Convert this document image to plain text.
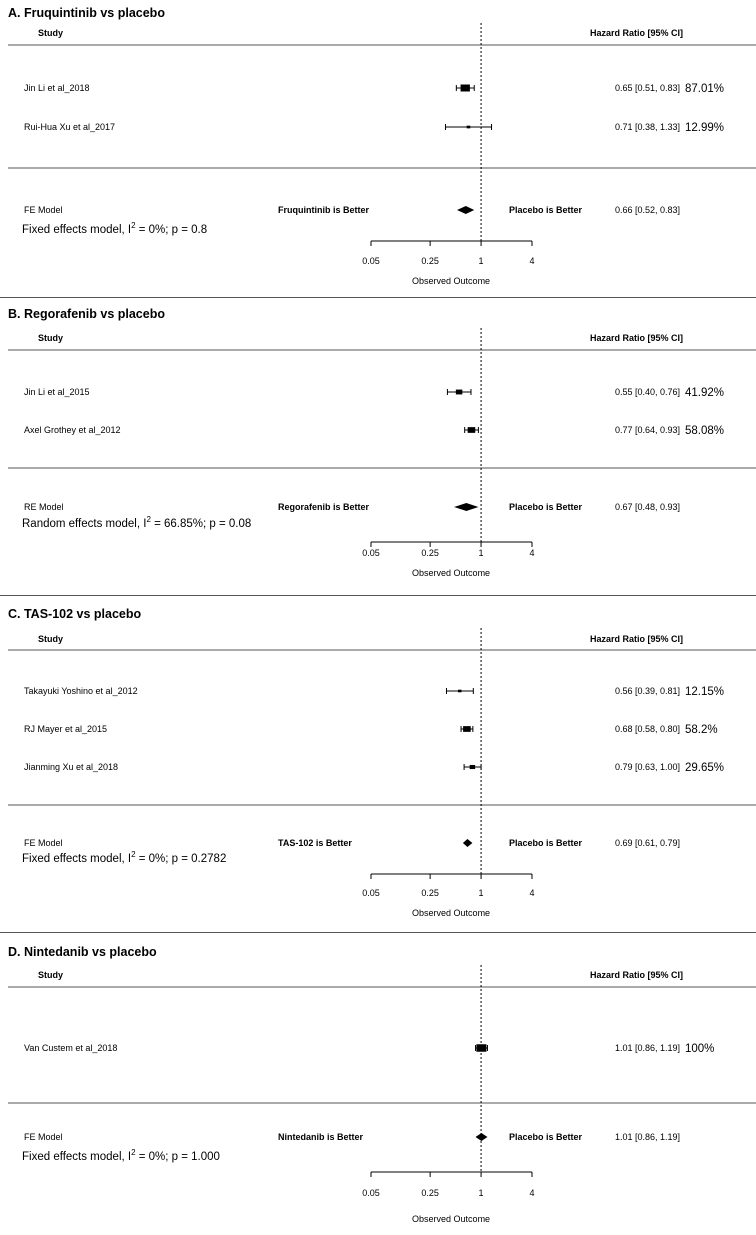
A. Fruquintinib vs placebo
Study	Hazard Ratio [95% CI]
Jin Li et al_2018	0.65 [0.51, 0.83] 87.01%
Rui-Hua Xu et al_2017	0.71 [0.38, 1.33] 12.99%
FE Model	Fruquintinib is Better	Placebo is Better	0.66 [0.52, 0.83]
Fixed effects model, $I^2 = 0\%$; p = 0.8
0.05	0.25	1	4
Observed Outcome
B. Regorafenib vs placebo
Study	Hazard Ratio [95% CI]
Jin Li et al_2015	0.55 [0.40, 0.76] 41.92%
Axel Grothey et al_2012	0.77 [0.64, 0.93] 58.08%
RE Model	Regorafenib is Better	Placebo is Better	0.67 [0.48, 0.93]
Random effects model, $I^2 = 66.85\%$; p = 0.08
0.05	0.25	1	4
Observed Outcome
C. TAS-102 vs placebo
Study	Hazard Ratio [95% CI]
Takayuki Yoshino et al_2012	0.56 [0.39, 0.81] 12.15%
RJ Mayer et al_2015	0.68 [0.58, 0.80] 58.2%
Jianming Xu et al_2018	0.79 [0.63, 1.00] 29.65%
FE Model	TAS-102 is Better	Placebo is Better	0.69 [0.61, 0.79]
Fixed effects model, $I^2 = 0\%$; p = 0.2782
0.05	0.25	1	4
Observed Outcome
D. Nintedanib vs placebo
Study	Hazard Ratio [95% CI]
Van Custem et al_2018	1.01 [0.86, 1.19] 100%
FE Model	Nintedanib is Better	Placebo is Better	1.01 [0.86, 1.19]
Fixed effects model, $I^2 = 0\%$; p = 1.000
0.05	0.25	1	4
Observed Outcome
